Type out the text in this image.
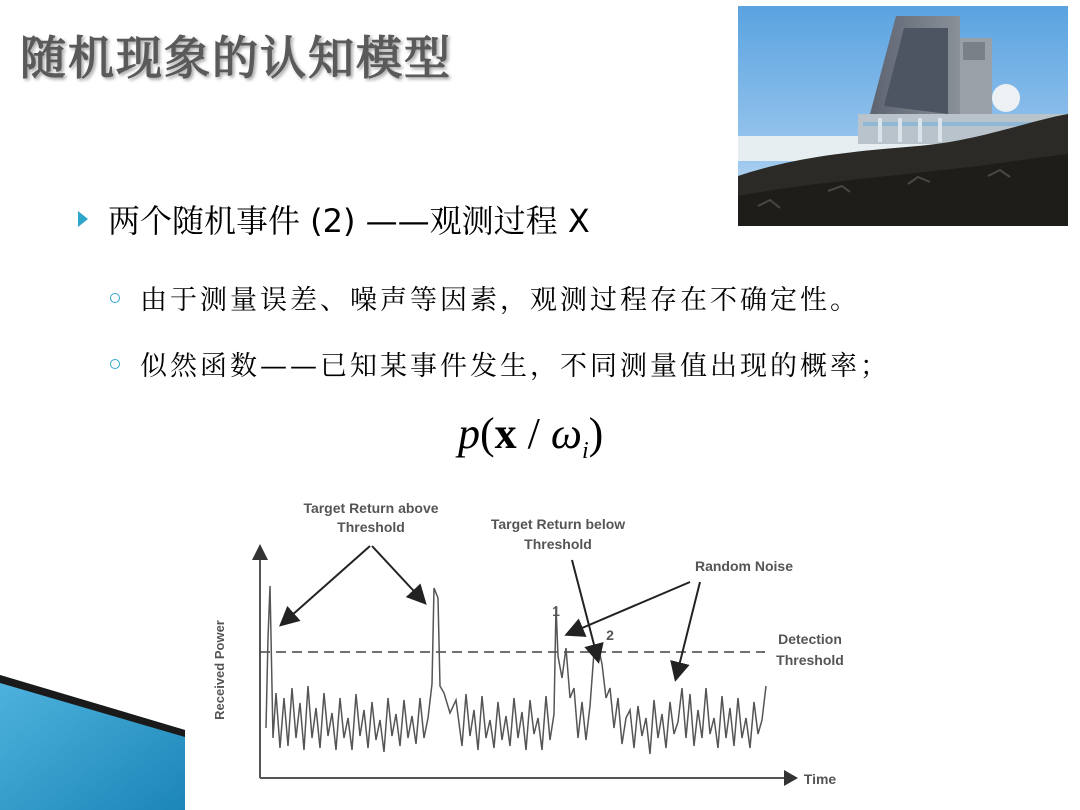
随机现象的认知模型
两个随机事件 (2) ——观测过程 X
由于测量误差、噪声等因素，观测过程存在不确定性。
似然函数——已知某事件发生，不同测量值出现的概率；
$p(x / \omega_i)$
Target Return above
Threshold	Target Return below
Threshold
Random Noise
Detection
Threshold
1
2
Received Power
Time
